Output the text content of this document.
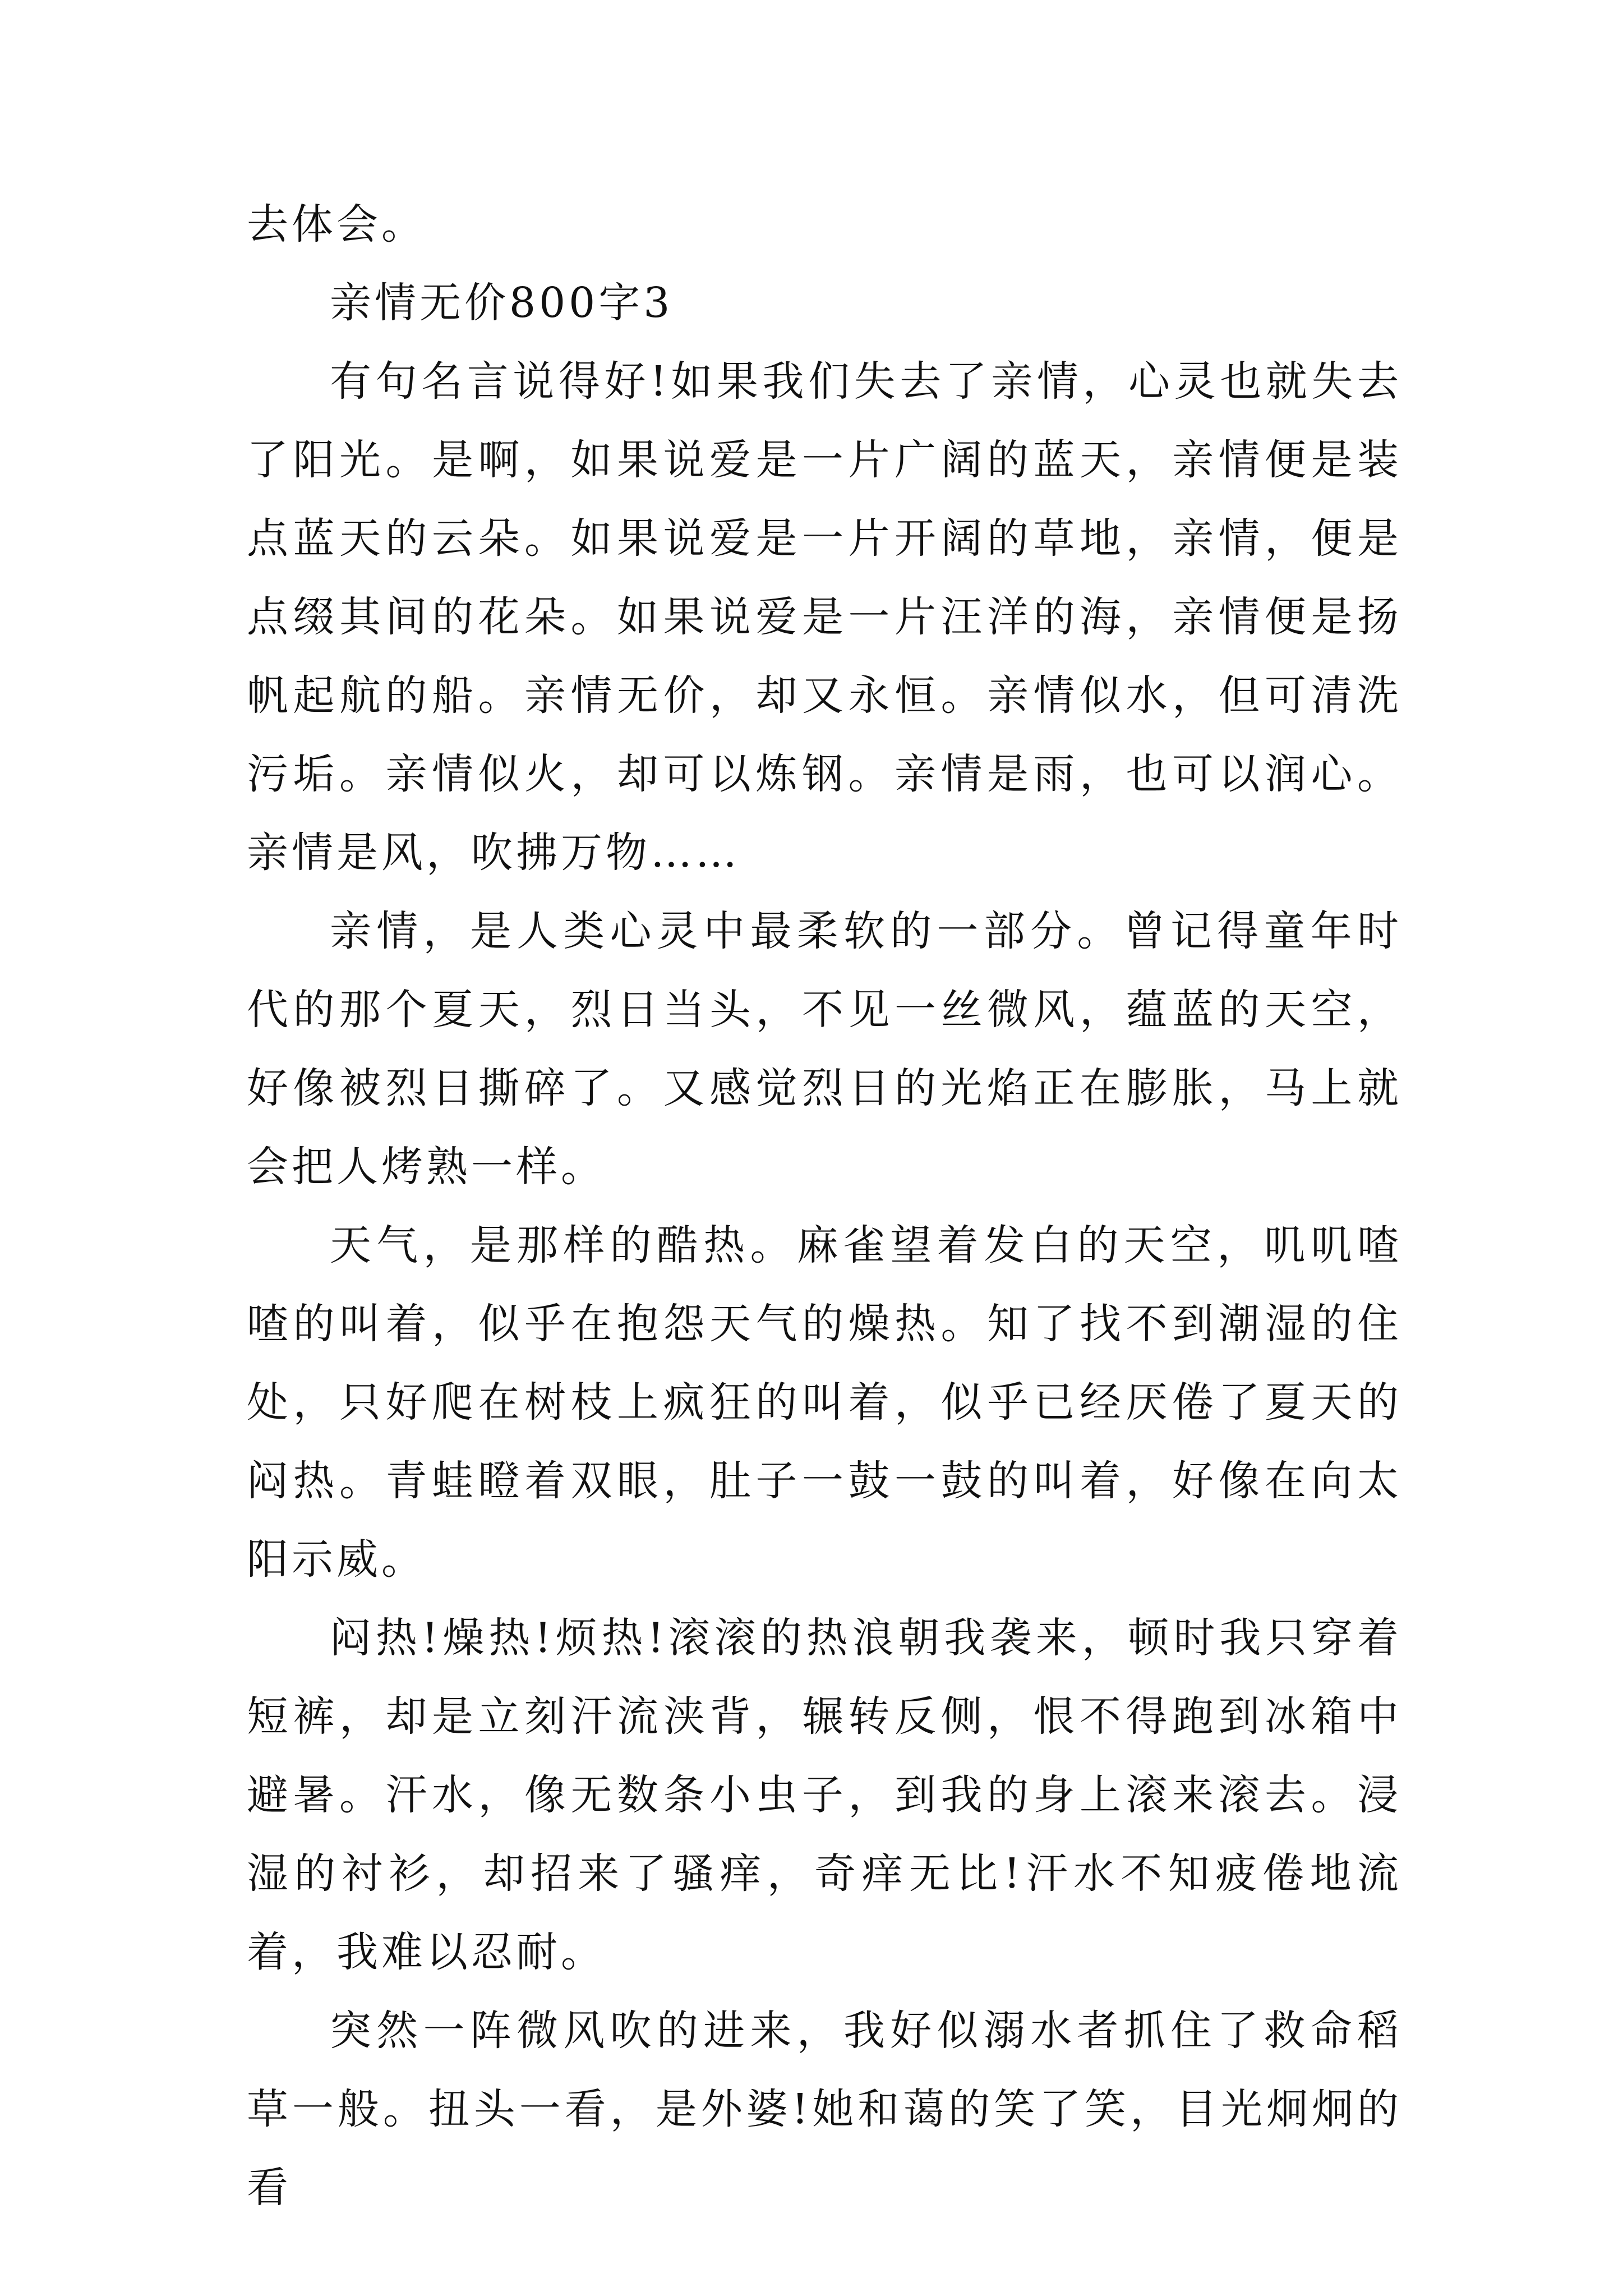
去体会。

亲情无价800字3

有句名言说得好!如果我们失去了亲情，心灵也就失去了阳光。是啊，如果说爱是一片广阔的蓝天，亲情便是装点蓝天的云朵。如果说爱是一片开阔的草地，亲情，便是点缀其间的花朵。如果说爱是一片汪洋的海，亲情便是扬帆起航的船。亲情无价，却又永恒。亲情似水，但可清洗污垢。亲情似火，却可以炼钢。亲情是雨，也可以润心。亲情是风，吹拂万物……

亲情，是人类心灵中最柔软的一部分。曾记得童年时代的那个夏天，烈日当头，不见一丝微风，蕴蓝的天空，好像被烈日撕碎了。又感觉烈日的光焰正在膨胀，马上就会把人烤熟一样。

天气，是那样的酷热。麻雀望着发白的天空，叽叽喳喳的叫着，似乎在抱怨天气的燥热。知了找不到潮湿的住处，只好爬在树枝上疯狂的叫着，似乎已经厌倦了夏天的闷热。青蛙瞪着双眼，肚子一鼓一鼓的叫着，好像在向太阳示威。

闷热!燥热!烦热!滚滚的热浪朝我袭来，顿时我只穿着短裤，却是立刻汗流浃背，辗转反侧，恨不得跑到冰箱中避暑。汗水，像无数条小虫子，到我的身上滚来滚去。浸湿的衬衫，却招来了骚痒，奇痒无比!汗水不知疲倦地流着，我难以忍耐。

突然一阵微风吹的进来，我好似溺水者抓住了救命稻草一般。扭头一看，是外婆!她和蔼的笑了笑，目光炯炯的看
